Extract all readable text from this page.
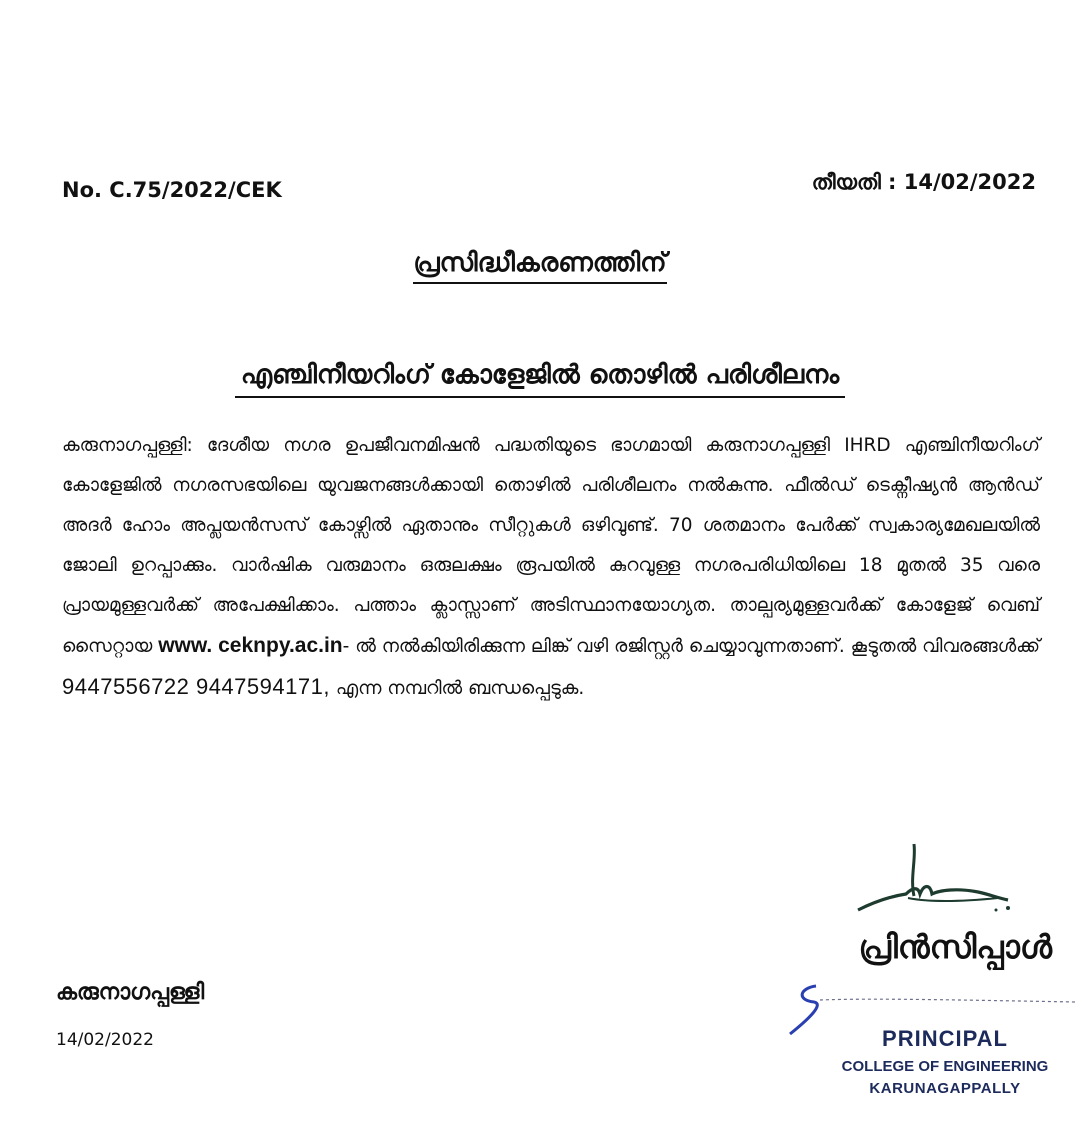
No. C.75/2022/CEK	തീയതി : 14/02/2022
പ്രസിദ്ധീകരണത്തിന്
എഞ്ചിനീയറിംഗ് കോളേജിൽ തൊഴിൽ പരിശീലനം
കരുനാഗപ്പള്ളി: ദേശീയ നഗര ഉപജീവനമിഷൻ പദ്ധതിയുടെ ഭാഗമായി കരുനാഗപ്പള്ളി IHRD എഞ്ചിനീയറിംഗ് കോളേജിൽ നഗരസഭയിലെ യുവജനങ്ങൾക്കായി തൊഴിൽ പരിശീലനം നൽകുന്നു. ഫീൽഡ് ടെക്നീഷ്യൻ ആൻഡ് അദർ ഹോം അപ്ലയൻസസ് കോഴ്സിൽ ഏതാനും സീറ്റുകൾ ഒഴിവുണ്ട്. 70 ശതമാനം പേർക്ക് സ്വകാര്യമേഖലയിൽ ജോലി ഉറപ്പാക്കും. വാർഷിക വരുമാനം ഒരുലക്ഷം രൂപയിൽ കുറവുള്ള നഗരപരിധിയിലെ 18 മുതൽ 35 വരെ പ്രായമുള്ളവർക്ക് അപേക്ഷിക്കാം. പത്താം ക്ലാസ്സാണ് അടിസ്ഥാനയോഗ്യത. താല്പര്യമുള്ളവർക്ക് കോളേജ് വെബ് സൈറ്റായ www. ceknpy.ac.in- ൽ നൽകിയിരിക്കുന്ന ലിങ്ക് വഴി രജിസ്റ്റർ ചെയ്യാവുന്നതാണ്. കൂടുതൽ വിവരങ്ങൾക്ക് 9447556722 9447594171, എന്ന നമ്പറിൽ ബന്ധപ്പെടുക.
കരുനാഗപ്പള്ളി
14/02/2022
പ്രിൻസിപ്പാൾ
PRINCIPAL
COLLEGE OF ENGINEERING
KARUNAGAPPALLY
